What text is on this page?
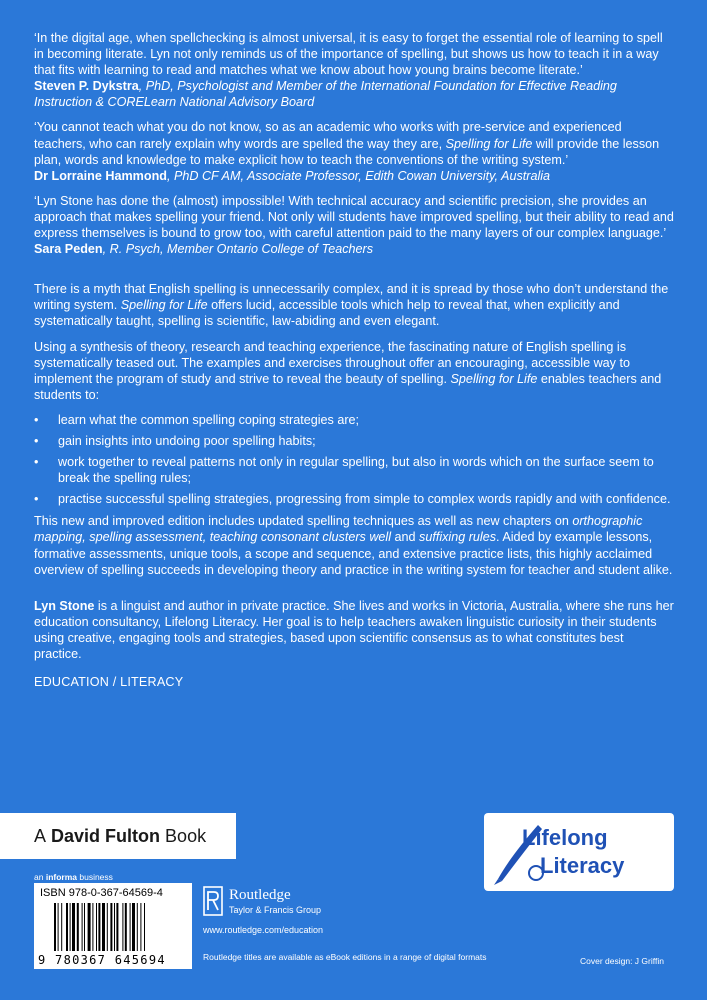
‘In the digital age, when spellchecking is almost universal, it is easy to forget the essential role of learning to spell in becoming literate. Lyn not only reminds us of the importance of spelling, but shows us how to teach it in a way that fits with learning to read and matches what we know about how young brains become literate.’

Steven P. Dykstra, PhD, Psychologist and Member of the International Foundation for Effective Reading Instruction & CORELearn National Advisory Board

‘You cannot teach what you do not know, so as an academic who works with pre-service and experienced teachers, who can rarely explain why words are spelled the way they are, Spelling for Life will provide the lesson plan, words and knowledge to make explicit how to teach the conventions of the writing system.’

Dr Lorraine Hammond, PhD CF AM, Associate Professor, Edith Cowan University, Australia

‘Lyn Stone has done the (almost) impossible! With technical accuracy and scientific precision, she provides an approach that makes spelling your friend. Not only will students have improved spelling, but their ability to read and express themselves is bound to grow too, with careful attention paid to the many layers of our complex language.’

Sara Peden, R. Psych, Member Ontario College of Teachers

There is a myth that English spelling is unnecessarily complex, and it is spread by those who don’t understand the writing system. Spelling for Life offers lucid, accessible tools which help to reveal that, when explicitly and systematically taught, spelling is scientific, law-abiding and even elegant.

Using a synthesis of theory, research and teaching experience, the fascinating nature of English spelling is systematically teased out. The examples and exercises throughout offer an encouraging, accessible way to implement the program of study and strive to reveal the beauty of spelling. Spelling for Life enables teachers and students to:

• learn what the common spelling coping strategies are;
• gain insights into undoing poor spelling habits;
• work together to reveal patterns not only in regular spelling, but also in words which on the surface seem to break the spelling rules;
• practise successful spelling strategies, progressing from simple to complex words rapidly and with confidence.

This new and improved edition includes updated spelling techniques as well as new chapters on orthographic mapping, spelling assessment, teaching consonant clusters well and suffixing rules. Aided by example lessons, formative assessments, unique tools, a scope and sequence, and extensive practice lists, this highly acclaimed overview of spelling succeeds in developing theory and practice in the writing system for teacher and student alike.

Lyn Stone is a linguist and author in private practice. She lives and works in Victoria, Australia, where she runs her education consultancy, Lifelong Literacy. Her goal is to help teachers awaken linguistic curiosity in their students using creative, engaging tools and strategies, based upon scientific consensus as to what constitutes best practice.

EDUCATION / LITERACY

A
David Fulton
Book
an informa business
ISBN 978-0-367-64569-4
9 780367 645694
Routledge
Taylor & Francis Group
www.routledge.com/education
Routledge titles are available as eBook editions in a range of digital formats	Cover design: J Griffin
Lifelong
Literacy
